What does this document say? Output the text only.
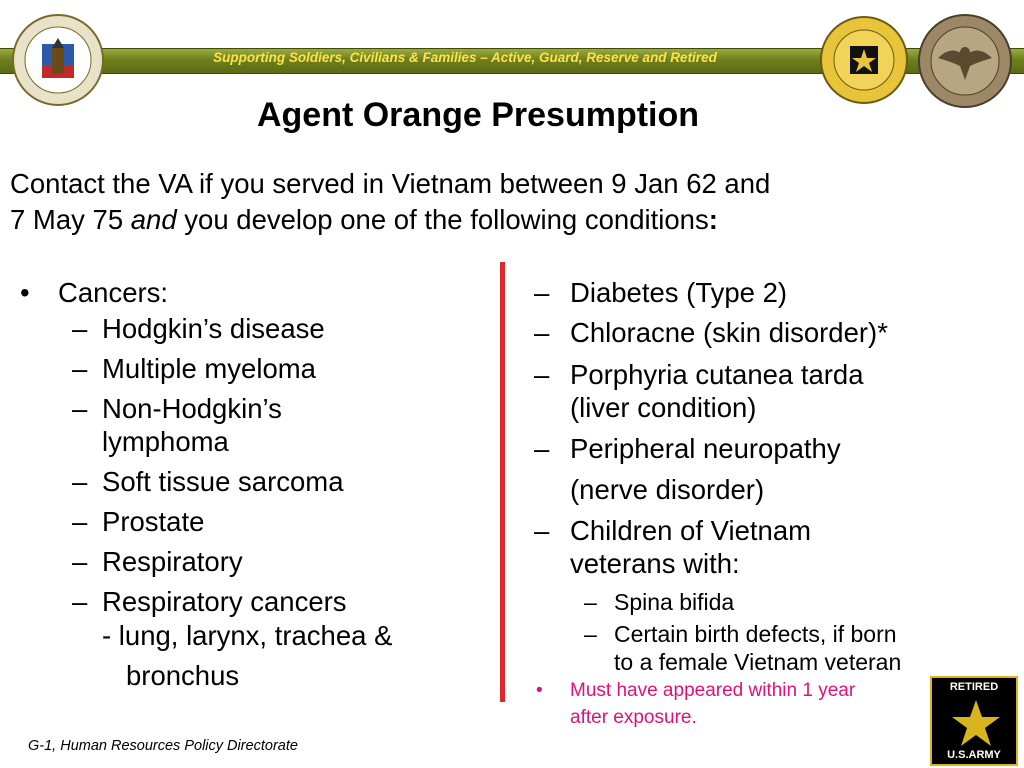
Supporting Soldiers, Civilians & Families – Active, Guard, Reserve and Retired
Agent Orange Presumption
Contact the VA if you served in Vietnam between 9 Jan 62 and
7 May 75 and you develop one of the following conditions:
• Cancers:
– Hodgkin’s disease
– Multiple myeloma
– Non-Hodgkin’s
lymphoma
– Soft tissue sarcoma
– Prostate
– Respiratory
– Respiratory cancers
- lung, larynx, trachea &
bronchus
– Diabetes (Type 2)
– Chloracne (skin disorder)*
– Porphyria cutanea tarda
(liver condition)
– Peripheral neuropathy
(nerve disorder)
– Children of Vietnam
veterans with:
– Spina bifida
– Certain birth defects, if born
to a female Vietnam veteran
• Must have appeared within 1 year
after exposure.
G-1, Human Resources Policy Directorate
RETIRED
U.S.ARMY
